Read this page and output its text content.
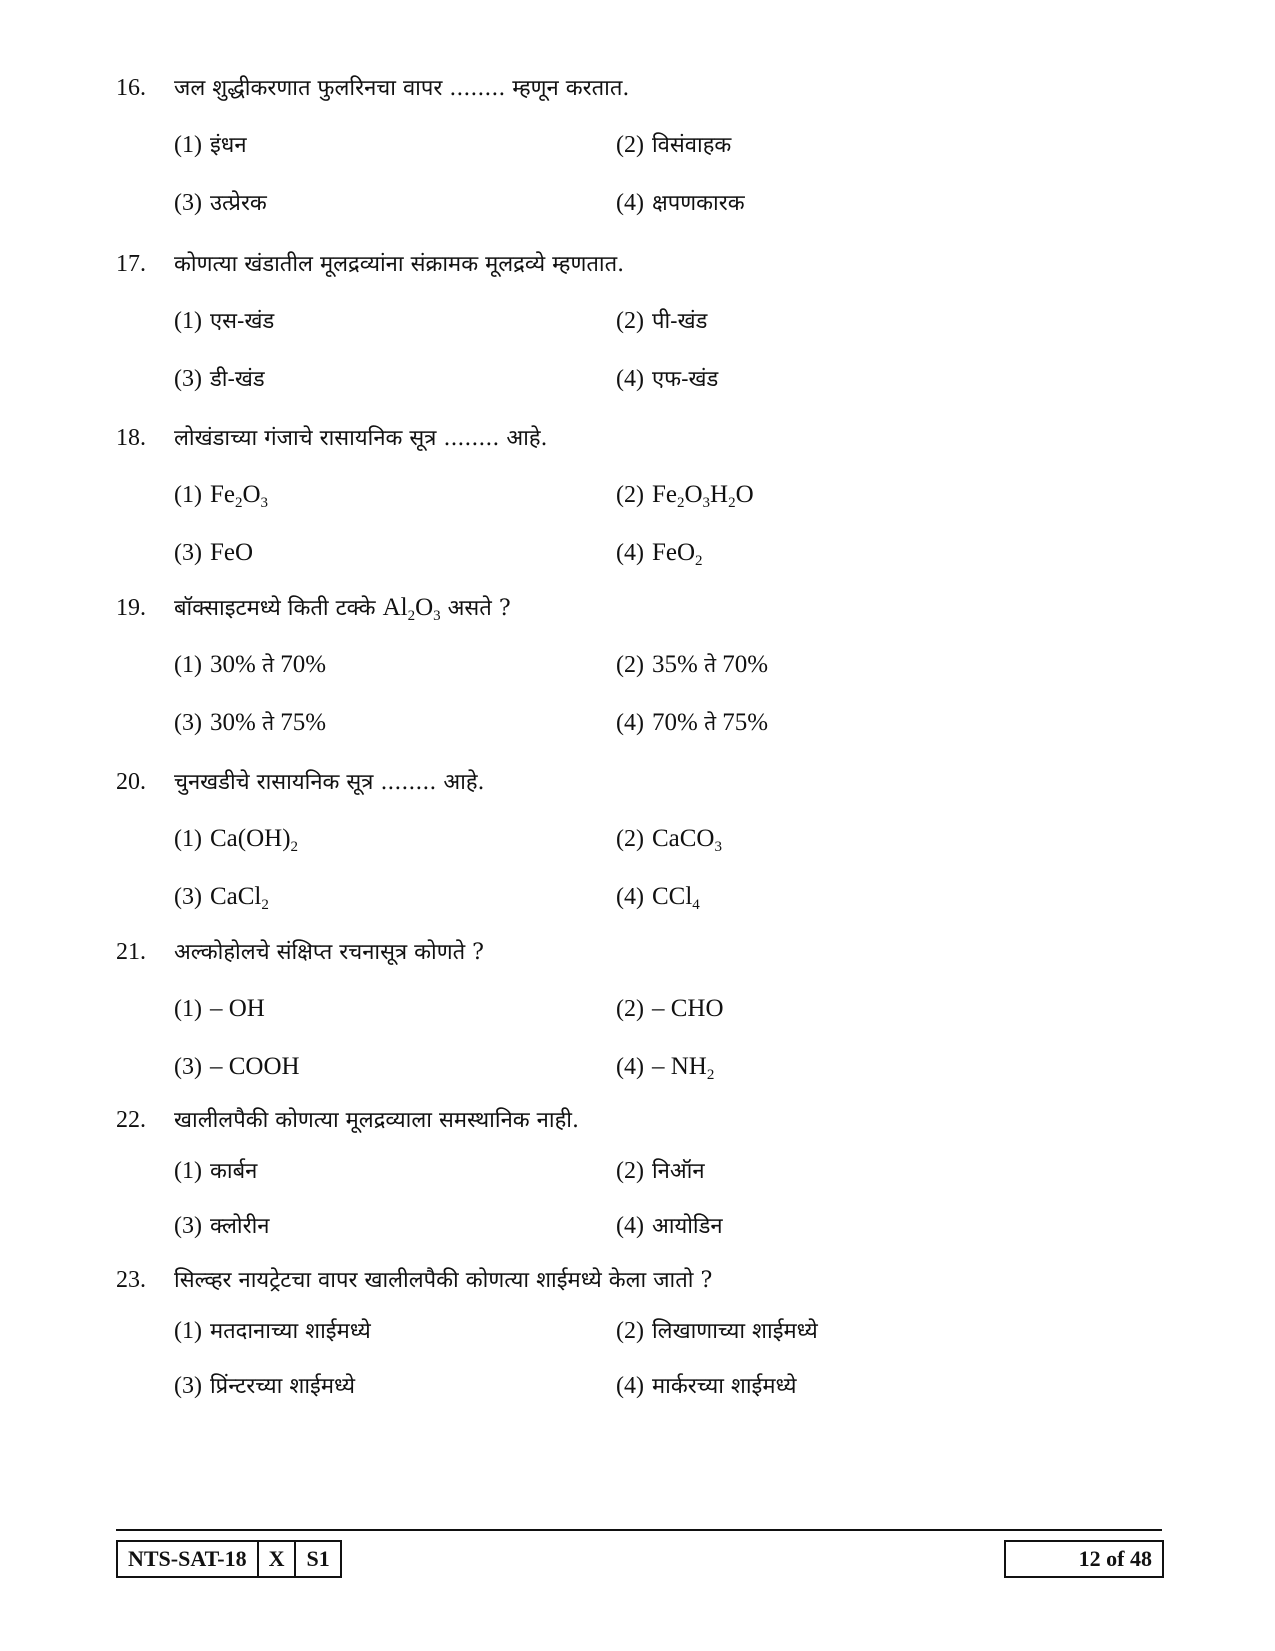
16. जल शुद्धीकरणात फुलरिनचा वापर ........ म्हणून करतात.
(1) इंधन	(2) विसंवाहक
(3) उत्प्रेरक	(4) क्षपणकारक
17. कोणत्या खंडातील मूलद्रव्यांना संक्रामक मूलद्रव्ये म्हणतात.
(1) एस-खंड	(2) पी-खंड
(3) डी-खंड	(4) एफ-खंड
18. लोखंडाच्या गंजाचे रासायनिक सूत्र ........ आहे.
(1) $Fe_2O_3$	(2) $Fe_2O_3H_2O$
(3) FeO	(4) FeO$_2$
19. बॉक्साइटमध्ये किती टक्के $Al_2O_3$ असते ?
(1) 30% ते 70%	(2) 35% ते 70%
(3) 30% ते 75%	(4) 70% ते 75%
20. चुनखडीचे रासायनिक सूत्र ........ आहे.
(1) $Ca(OH)_2$	(2) CaCO$_3$
(3) CaCl$_2$	(4) CCl$_4$
21. अल्कोहोलचे संक्षिप्त रचनासूत्र कोणते ?
(1) – OH	(2) – CHO
(3) – COOH	$(4) - NH_2$
22. खालीलपैकी कोणत्या मूलद्रव्याला समस्थानिक नाही.
(1) कार्बन	(2) निऑन
(3) क्लोरीन	(4) आयोडिन
23. सिल्व्हर नायट्रेटचा वापर खालीलपैकी कोणत्या शाईमध्ये केला जातो ?
(1) मतदानाच्या शाईमध्ये	(2) लिखाणाच्या शाईमध्ये
(3) प्रिंन्टरच्या शाईमध्ये	(4) मार्करच्या शाईमध्ये
NTS-SAT-18	X	S1	12 of 48
